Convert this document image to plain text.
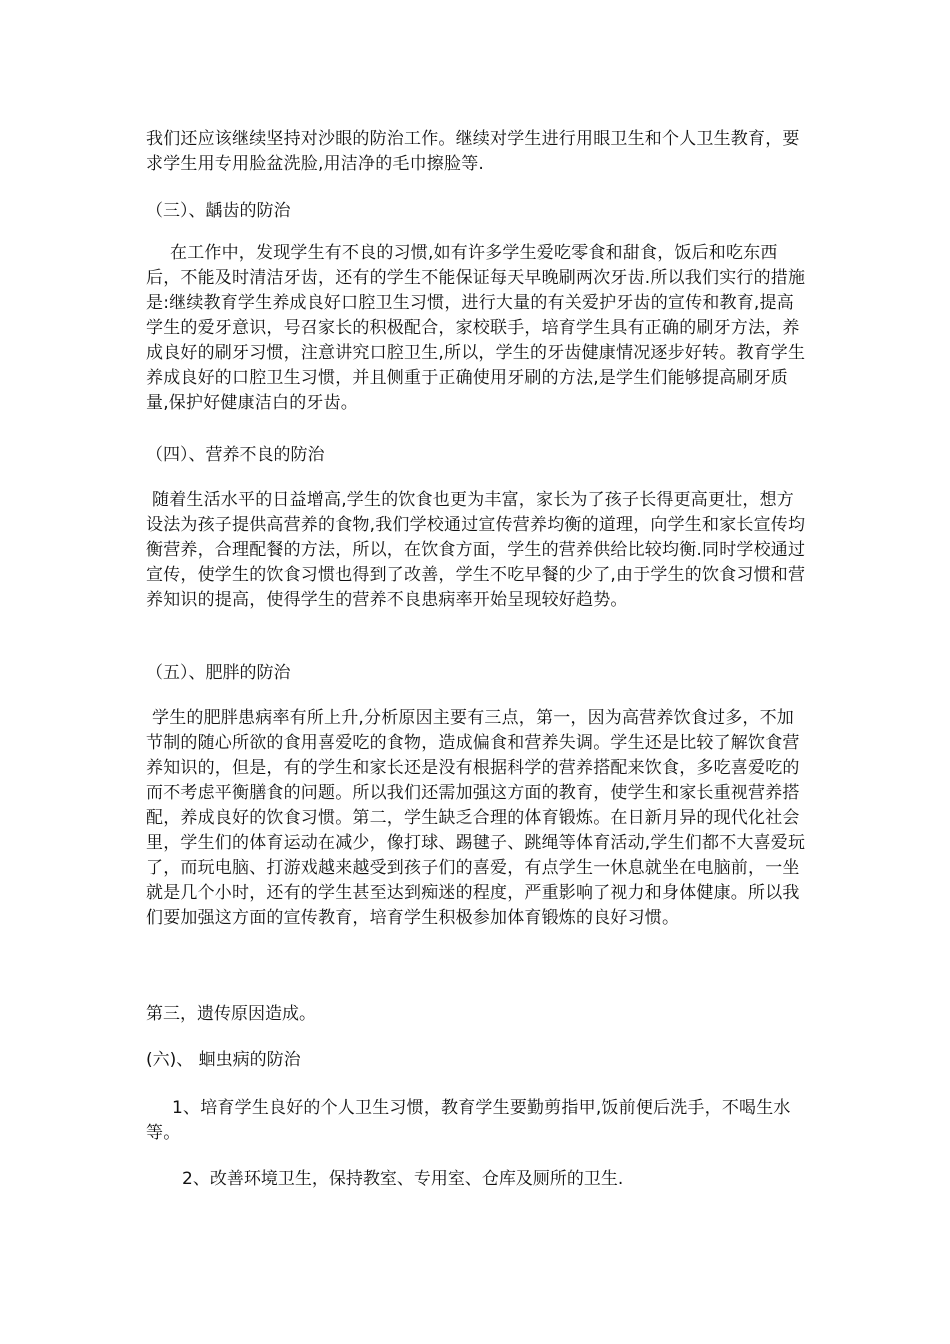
我们还应该继续坚持对沙眼的防治工作。继续对学生进行用眼卫生和个人卫生教育，要求学生用专用脸盆洗脸,用洁净的毛巾擦脸等.

（三）、龋齿的防治

在工作中，发现学生有不良的习惯,如有许多学生爱吃零食和甜食，饭后和吃东西后，不能及时清洁牙齿，还有的学生不能保证每天早晚刷两次牙齿.所以我们实行的措施是:继续教育学生养成良好口腔卫生习惯，进行大量的有关爱护牙齿的宣传和教育,提高学生的爱牙意识，号召家长的积极配合，家校联手，培育学生具有正确的刷牙方法，养成良好的刷牙习惯，注意讲究口腔卫生,所以，学生的牙齿健康情况逐步好转。教育学生养成良好的口腔卫生习惯，并且侧重于正确使用牙刷的方法,是学生们能够提高刷牙质量,保护好健康洁白的牙齿。

（四）、营养不良的防治

随着生活水平的日益增高,学生的饮食也更为丰富，家长为了孩子长得更高更壮，想方设法为孩子提供高营养的食物,我们学校通过宣传营养均衡的道理，向学生和家长宣传均衡营养，合理配餐的方法，所以，在饮食方面，学生的营养供给比较均衡.同时学校通过宣传，使学生的饮食习惯也得到了改善，学生不吃早餐的少了,由于学生的饮食习惯和营养知识的提高，使得学生的营养不良患病率开始呈现较好趋势。

（五）、肥胖的防治

学生的肥胖患病率有所上升,分析原因主要有三点，第一，因为高营养饮食过多，不加节制的随心所欲的食用喜爱吃的食物，造成偏食和营养失调。学生还是比较了解饮食营养知识的，但是，有的学生和家长还是没有根据科学的营养搭配来饮食，多吃喜爱吃的而不考虑平衡膳食的问题。所以我们还需加强这方面的教育，使学生和家长重视营养搭配，养成良好的饮食习惯。第二，学生缺乏合理的体育锻炼。在日新月异的现代化社会里，学生们的体育运动在减少，像打球、踢毽子、跳绳等体育活动,学生们都不大喜爱玩了，而玩电脑、打游戏越来越受到孩子们的喜爱，有点学生一休息就坐在电脑前，一坐就是几个小时，还有的学生甚至达到痴迷的程度，严重影响了视力和身体健康。所以我们要加强这方面的宣传教育，培育学生积极参加体育锻炼的良好习惯。

第三，遗传原因造成。

(六)、 蛔虫病的防治

1、培育学生良好的个人卫生习惯，教育学生要勤剪指甲,饭前便后洗手，不喝生水等。

2、改善环境卫生，保持教室、专用室、仓库及厕所的卫生.
